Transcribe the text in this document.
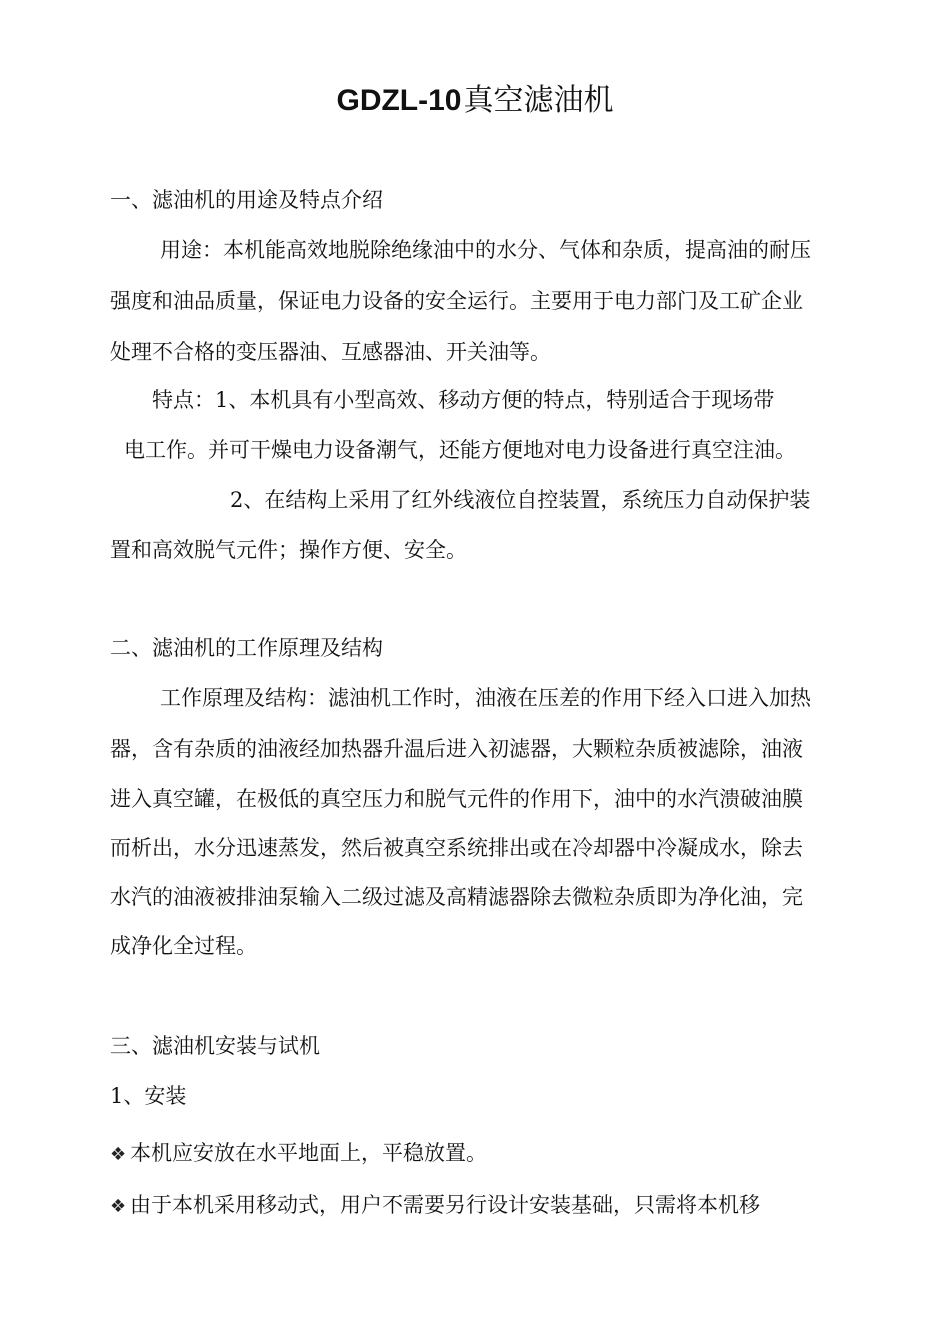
GDZL-10真空滤油机
一、滤油机的用途及特点介绍
用途：本机能高效地脱除绝缘油中的水分、气体和杂质，提高油的耐压
强度和油品质量，保证电力设备的安全运行。主要用于电力部门及工矿企业
处理不合格的变压器油、互感器油、开关油等。
特点：1、本机具有小型高效、移动方便的特点，特别适合于现场带
电工作。并可干燥电力设备潮气，还能方便地对电力设备进行真空注油。
2、在结构上采用了红外线液位自控装置，系统压力自动保护装
置和高效脱气元件；操作方便、安全。
二、滤油机的工作原理及结构
工作原理及结构：滤油机工作时，油液在压差的作用下经入口进入加热
器，含有杂质的油液经加热器升温后进入初滤器，大颗粒杂质被滤除，油液
进入真空罐，在极低的真空压力和脱气元件的作用下，油中的水汽溃破油膜
而析出，水分迅速蒸发，然后被真空系统排出或在冷却器中冷凝成水，除去
水汽的油液被排油泵输入二级过滤及高精滤器除去微粒杂质即为净化油，完
成净化全过程。
三、滤油机安装与试机
1、安装
❖ 本机应安放在水平地面上，平稳放置。
❖ 由于本机采用移动式，用户不需要另行设计安装基础，只需将本机移
